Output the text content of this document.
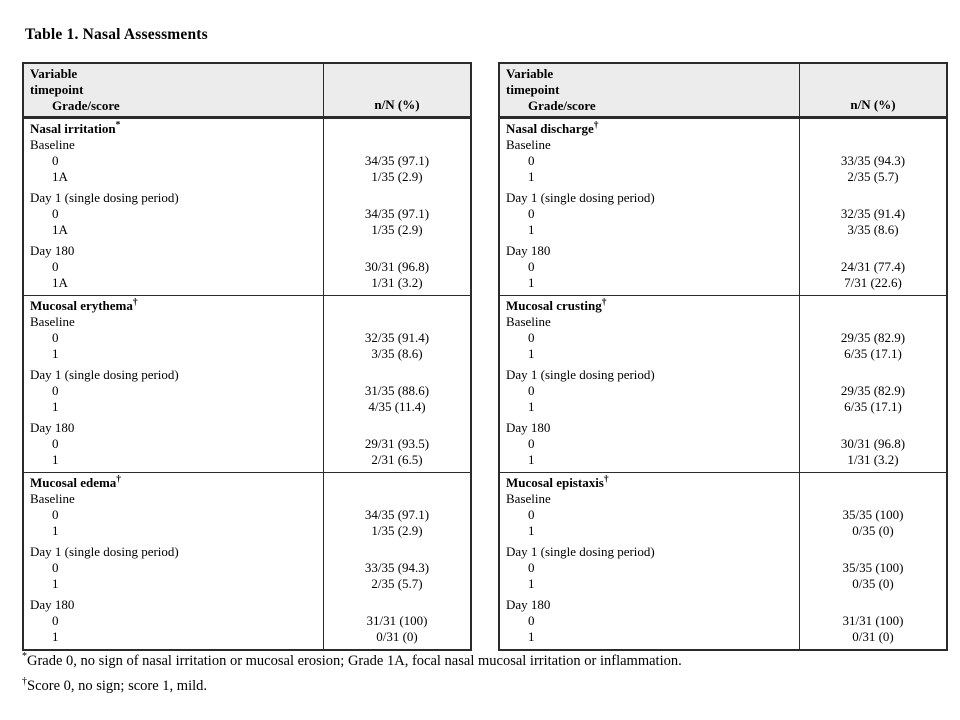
Table 1. Nasal Assessments
Variable
timepoint
Grade/score	n/N (%)
Nasal irritation*
Baseline
0
1A
Day 1 (single dosing period)
0
1A
Day 180
0
1A

34/35 (97.1)
1/35 (2.9)

34/35 (97.1)
1/35 (2.9)

30/31 (96.8)
1/31 (3.2)
Mucosal erythema†
Baseline
0
1
Day 1 (single dosing period)
0
1
Day 180
0
1

32/35 (91.4)
3/35 (8.6)

31/35 (88.6)
4/35 (11.4)

29/31 (93.5)
2/31 (6.5)
Mucosal edema†
Baseline
0
1
Day 1 (single dosing period)
0
1
Day 180
0
1

34/35 (97.1)
1/35 (2.9)

33/35 (94.3)
2/35 (5.7)

31/31 (100)
0/31 (0)
Variable
timepoint
Grade/score	n/N (%)
Nasal discharge†
Baseline
0
1
Day 1 (single dosing period)
0
1
Day 180
0
1

33/35 (94.3)
2/35 (5.7)

32/35 (91.4)
3/35 (8.6)

24/31 (77.4)
7/31 (22.6)
Mucosal crusting†
Baseline
0
1
Day 1 (single dosing period)
0
1
Day 180
0
1

29/35 (82.9)
6/35 (17.1)

29/35 (82.9)
6/35 (17.1)

30/31 (96.8)
1/31 (3.2)
Mucosal epistaxis†
Baseline
0
1
Day 1 (single dosing period)
0
1
Day 180
0
1

35/35 (100)
0/35 (0)

35/35 (100)
0/35 (0)

31/31 (100)
0/31 (0)
*Grade 0, no sign of nasal irritation or mucosal erosion; Grade 1A, focal nasal mucosal irritation or inflammation.
†Score 0, no sign; score 1, mild.
